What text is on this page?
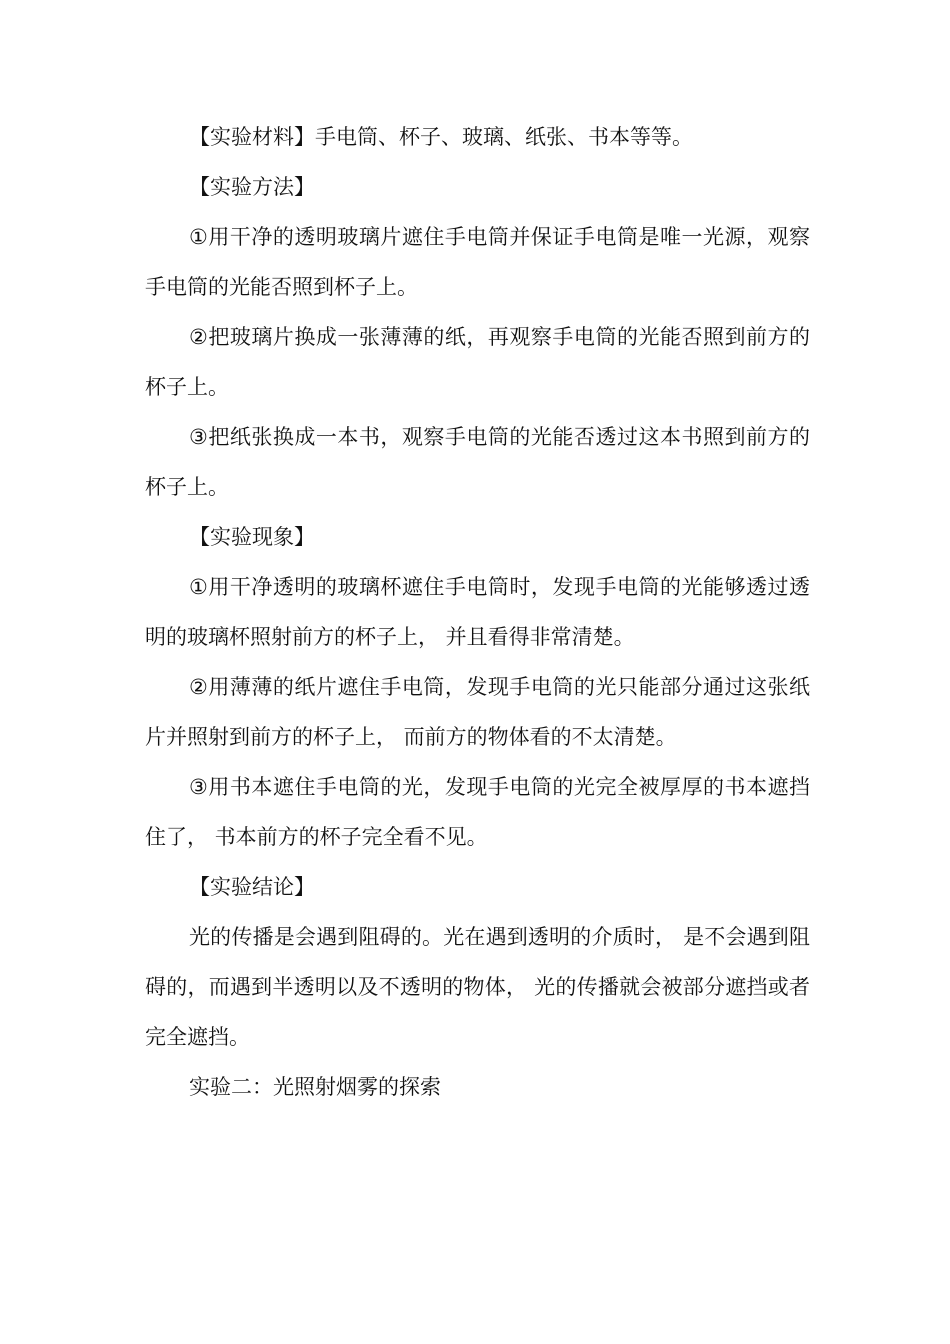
【实验材料】手电筒、杯子、玻璃、纸张、书本等等。

【实验方法】

①用干净的透明玻璃片遮住手电筒并保证手电筒是唯一光源，观察手电筒的光能否照到杯子上。

②把玻璃片换成一张薄薄的纸，再观察手电筒的光能否照到前方的杯子上。

③把纸张换成一本书，观察手电筒的光能否透过这本书照到前方的杯子上。

【实验现象】

①用干净透明的玻璃杯遮住手电筒时，发现手电筒的光能够透过透明的玻璃杯照射前方的杯子上， 并且看得非常清楚。

②用薄薄的纸片遮住手电筒，发现手电筒的光只能部分通过这张纸片并照射到前方的杯子上， 而前方的物体看的不太清楚。

③用书本遮住手电筒的光，发现手电筒的光完全被厚厚的书本遮挡住了， 书本前方的杯子完全看不见。

【实验结论】

光的传播是会遇到阻碍的。光在遇到透明的介质时， 是不会遇到阻碍的，而遇到半透明以及不透明的物体， 光的传播就会被部分遮挡或者完全遮挡。

实验二：光照射烟雾的探索
